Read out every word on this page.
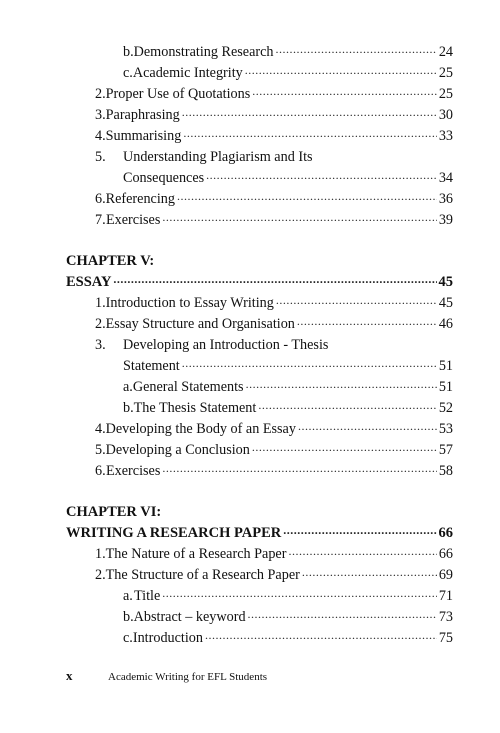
b. Demonstrating Research .....	24
c. Academic Integrity .....	25
2. Proper Use of Quotations .....	25
3. Paraphrasing .....	30
4. Summarising .....	33
5.	Understanding Plagiarism and Its
Consequences .....	34
6. Referencing .....	36
7. Exercises .....	39
CHAPTER V:
ESSAY .....	45
1. Introduction to Essay Writing .....	45
2. Essay Structure and Organisation .....	46
3.	Developing an Introduction - Thesis
Statement .....	51
a. General Statements .....	51
b. The Thesis Statement .....	52
4. Developing the Body of an Essay .....	53
5. Developing a Conclusion .....	57
6. Exercises .....	58
CHAPTER VI:
WRITING A RESEARCH PAPER .....	66
1. The Nature of a Research Paper .....	66
2. The Structure of a Research Paper .....	69
a. Title .....	71
b. Abstract – keyword .....	73
c. Introduction .....	75
x	Academic Writing for EFL Students
